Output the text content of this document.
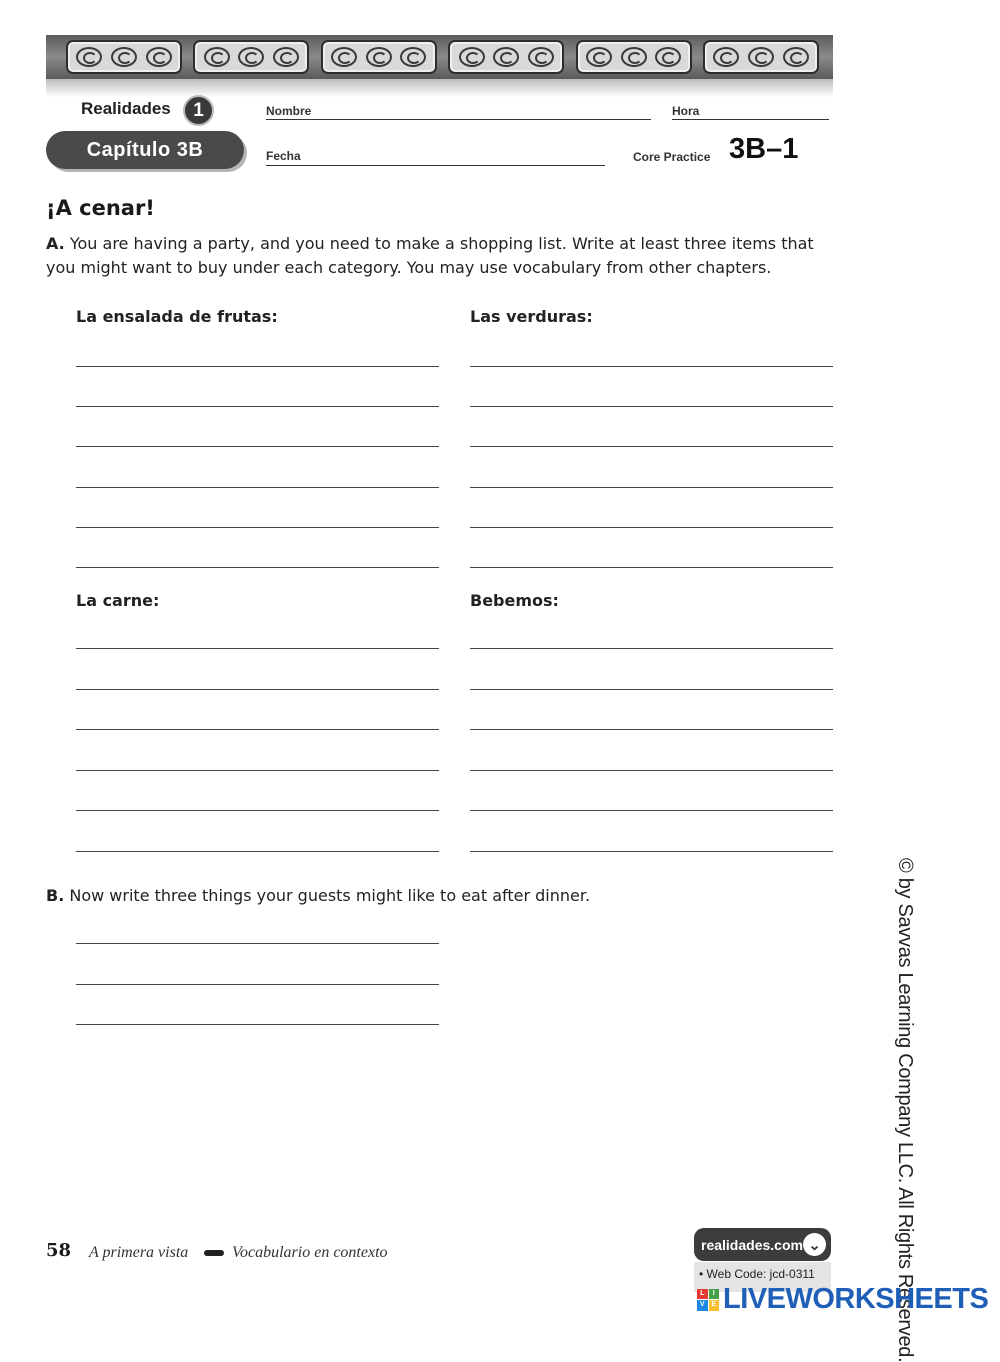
Realidades	1
Capítulo 3B
Nombre	Hora
Fecha	Core Practice 3B–1
¡A cenar!
A. You are having a party, and you need to make a shopping list. Write at least three items that you might want to buy under each category. You may use vocabulary from other chapters.
La ensalada de frutas:	Las verduras:
La carne:	Bebemos:
B. Now write three things your guests might like to eat after dinner.	© by Savvas Learning Company LLC. All Rights Reserved.
58 A primera vista	Vocabulario en contexto	realidades.com ⌄
• Web Code: jcd-0311
L	I
V E LIVEWORKSHEETS
